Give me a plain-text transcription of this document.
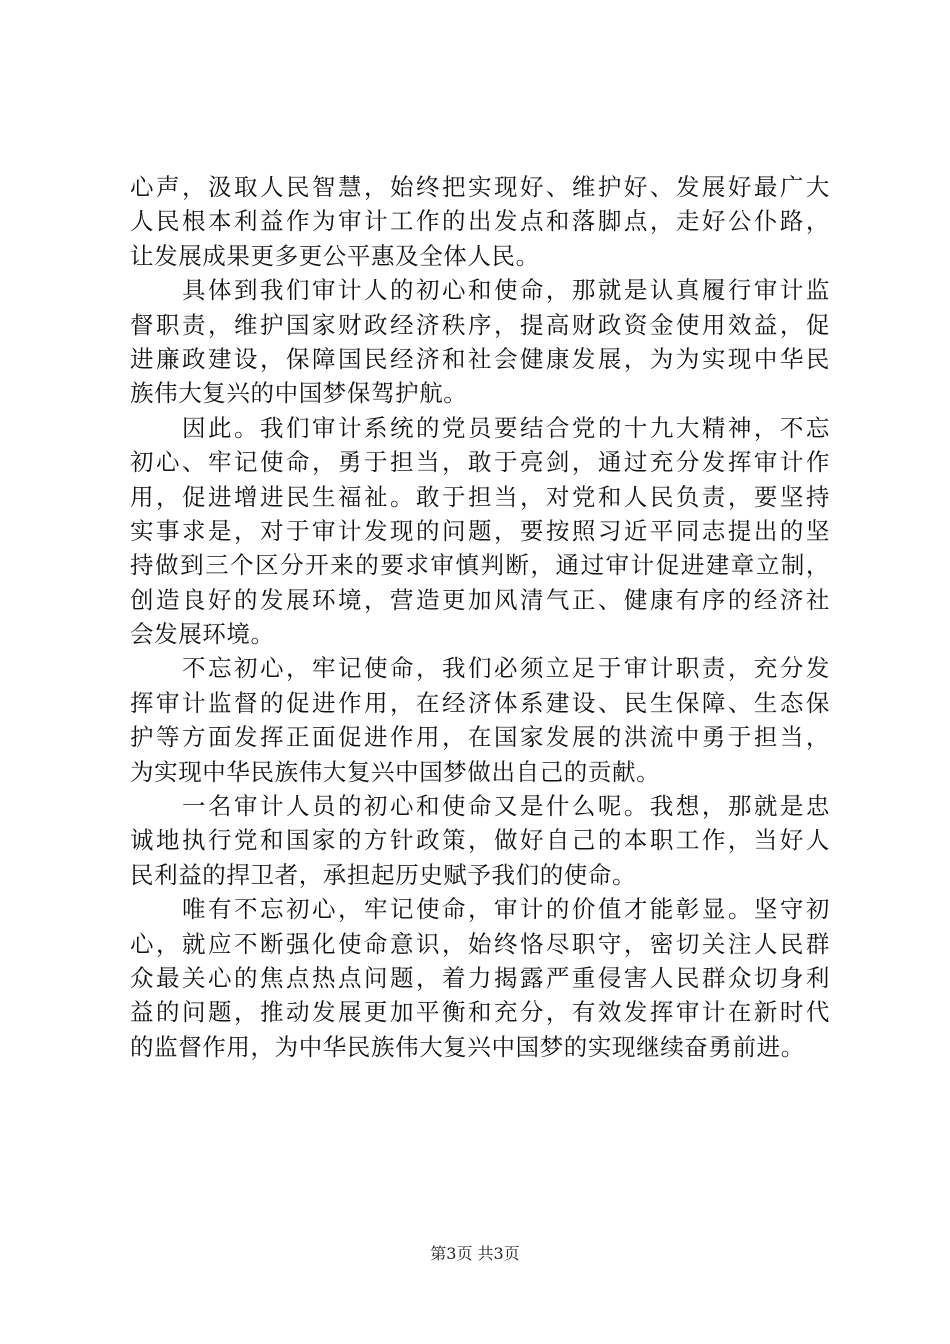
心声，汲取人民智慧，始终把实现好、维护好、发展好最广大
人民根本利益作为审计工作的出发点和落脚点，走好公仆路，
让发展成果更多更公平惠及全体人民。
　　具体到我们审计人的初心和使命，那就是认真履行审计监
督职责，维护国家财政经济秩序，提高财政资金使用效益，促
进廉政建设，保障国民经济和社会健康发展，为为实现中华民
族伟大复兴的中国梦保驾护航。
　　因此。我们审计系统的党员要结合党的十九大精神，不忘
初心、牢记使命，勇于担当，敢于亮剑，通过充分发挥审计作
用，促进增进民生福祉。敢于担当，对党和人民负责，要坚持
实事求是，对于审计发现的问题，要按照习近平同志提出的坚
持做到三个区分开来的要求审慎判断，通过审计促进建章立制，
创造良好的发展环境，营造更加风清气正、健康有序的经济社
会发展环境。
　　不忘初心，牢记使命，我们必须立足于审计职责，充分发
挥审计监督的促进作用，在经济体系建设、民生保障、生态保
护等方面发挥正面促进作用，在国家发展的洪流中勇于担当，
为实现中华民族伟大复兴中国梦做出自己的贡献。
　　一名审计人员的初心和使命又是什么呢。我想，那就是忠
诚地执行党和国家的方针政策，做好自己的本职工作，当好人
民利益的捍卫者，承担起历史赋予我们的使命。
　　唯有不忘初心，牢记使命，审计的价值才能彰显。坚守初
心，就应不断强化使命意识，始终恪尽职守，密切关注人民群
众最关心的焦点热点问题，着力揭露严重侵害人民群众切身利
益的问题，推动发展更加平衡和充分，有效发挥审计在新时代
的监督作用，为中华民族伟大复兴中国梦的实现继续奋勇前进。
第3页 共3页
